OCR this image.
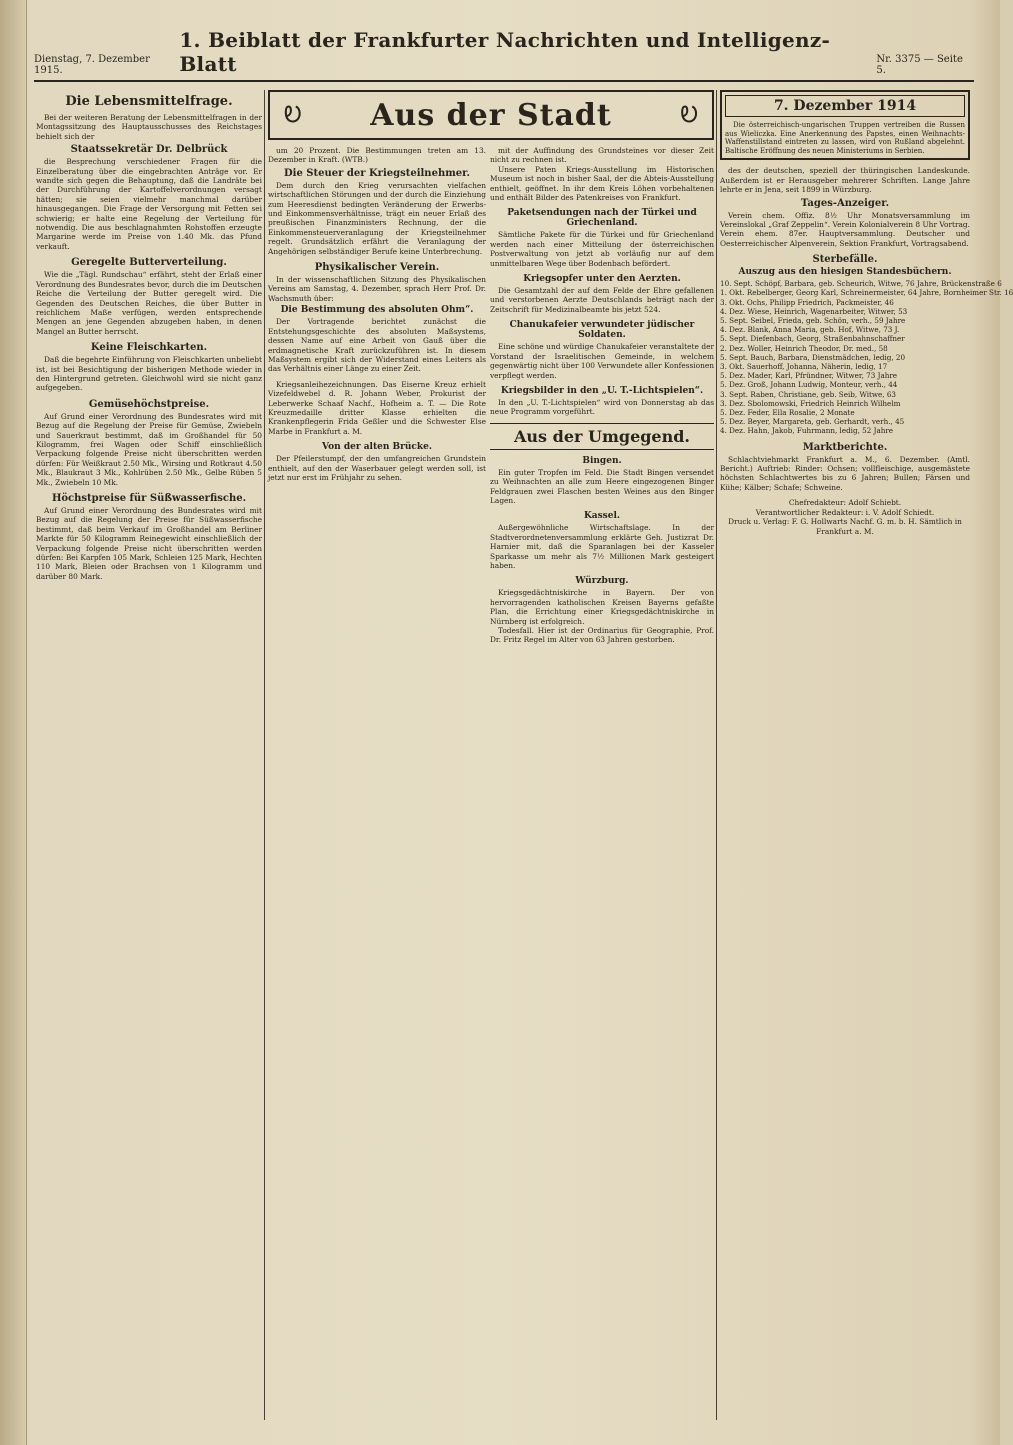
Dienstag, 7. Dezember 1915.
1. Beiblatt der Frankfurter Nachrichten und Intelligenz-Blatt	Nr. 3375 — Seite 5.
Die Lebensmittelfrage.

Bei der weiteren Beratung der Lebensmittelfragen in der Montagssitzung des Hauptausschusses des Reichstages behielt sich der

Staatssekretär Dr. Delbrück

die Besprechung verschiedener Fragen für die Einzelberatung über die eingebrachten Anträge vor. Er wandte sich gegen die Behauptung, daß die Landräte bei der Durchführung der Kartoffelverordnungen versagt hätten; sie seien vielmehr manchmal darüber hinausgegangen. Die Frage der Versorgung mit Fetten sei schwierig; er halte eine Regelung der Verteilung für notwendig. Die aus beschlagnahmten Rohstoffen erzeugte Margarine werde im Preise von 1.40 Mk. das Pfund verkauft.

Geregelte Butterverteilung.

Wie die „Tägl. Rundschau“ erfährt, steht der Erlaß einer Verordnung des Bundesrates bevor, durch die im Deutschen Reiche die Verteilung der Butter geregelt wird. Die Gegenden des Deutschen Reiches, die über Butter in reichlichem Maße verfügen, werden entsprechende Mengen an jene Gegenden abzugeben haben, in denen Mangel an Butter herrscht.

Keine Fleischkarten.

Daß die begehrte Einführung von Fleischkarten unbeliebt ist, ist bei Besichtigung der bisherigen Methode wieder in den Hintergrund getreten. Gleichwohl wird sie nicht ganz aufgegeben.

Gemüsehöchstpreise.

Auf Grund einer Verordnung des Bundesrates wird mit Bezug auf die Regelung der Preise für Gemüse, Zwiebeln und Sauerkraut bestimmt, daß im Großhandel für 50 Kilogramm, frei Wagen oder Schiff einschließlich Verpackung folgende Preise nicht überschritten werden dürfen: Für Weißkraut 2.50 Mk., Wirsing und Rotkraut 4.50 Mk., Blaukraut 3 Mk., Kohlrüben 2.50 Mk., Gelbe Rüben 5 Mk., Zwiebeln 10 Mk.

Höchstpreise für Süßwasserfische.

Auf Grund einer Verordnung des Bundesrates wird mit Bezug auf die Regelung der Preise für Süßwasserfische bestimmt, daß beim Verkauf im Großhandel am Berliner Markte für 50 Kilogramm Reinegewicht einschließlich der Verpackung folgende Preise nicht überschritten werden dürfen: Bei Karpfen 105 Mark, Schleien 125 Mark, Hechten 110 Mark, Bleien oder Brachsen von 1 Kilogramm und darüber 80 Mark.

Ꭷ Aus der Stadt	Ꭷ

um 20 Prozent. Die Bestimmungen treten am 13. Dezember in Kraft. (WTB.)

Die Steuer der Kriegsteilnehmer.

Dem durch den Krieg verursachten vielfachen wirtschaftlichen Störungen und der durch die Einziehung zum Heeresdienst bedingten Veränderung der Erwerbs- und Einkommensverhältnisse, trägt ein neuer Erlaß des preußischen Finanzministers Rechnung, der die Einkommensteuerveranlagung der Kriegsteilnehmer regelt. Grundsätzlich erfährt die Veranlagung der Angehörigen selbständiger Berufe keine Unterbrechung.

Physikalischer Verein.

In der wissenschaftlichen Sitzung des Physikalischen Vereins am Samstag, 4. Dezember, sprach Herr Prof. Dr. Wachsmuth über:

Die Bestimmung des absoluten Ohm“.

Der Vortragende berichtet zunächst die Entstehungsgeschichte des absoluten Maßsystems, dessen Name auf eine Arbeit von Gauß über die erdmagnetische Kraft zurückzuführen ist. In diesem Maßsystem ergibt sich der Widerstand eines Leiters als das Verhältnis einer Länge zu einer Zeit.

Kriegsanleihezeichnungen. Das Eiserne Kreuz erhielt Vizefeldwebel d. R. Johann Weber, Prokurist der Leberwerke Schaaf Nachf., Hofheim a. T. — Die Rote Kreuzmedaille dritter Klasse erhielten die Krankenpflegerin Frida Geßler und die Schwester Else Marbe in Frankfurt a. M.

Von der alten Brücke.

Der Pfeilerstumpf, der den umfangreichen Grundstein enthielt, auf den der Waserbauer gelegt werden soll, ist jetzt nur erst im Frühjahr zu sehen.

mit der Auffindung des Grundsteines vor dieser Zeit nicht zu rechnen ist.

Unsere Paten Kriegs-Ausstellung im Historischen Museum ist noch in bisher Saal, der die Abteis-Ausstellung enthielt, geöffnet. In ihr dem Kreis Löhen vorbehaltenen und enthält Bilder des Patenkreises von Frankfurt.

Paketsendungen nach der Türkei und Griechenland.

Sämtliche Pakete für die Türkei und für Griechenland werden nach einer Mitteilung der österreichischen Postverwaltung von jetzt ab vorläufig nur auf dem unmittelbaren Wege über Bodenbach befördert.

Kriegsopfer unter den Aerzten.

Die Gesamtzahl der auf dem Felde der Ehre gefallenen und verstorbenen Aerzte Deutschlands beträgt nach der Zeitschrift für Medizinalbeamte bis jetzt 524.

Chanukafeier verwundeter jüdischer Soldaten.

Eine schöne und würdige Chanukafeier veranstaltete der Vorstand der Israelitischen Gemeinde, in welchem gegenwärtig nicht über 100 Verwundete aller Konfessionen verpflegt werden.

Kriegsbilder in den „U. T.-Lichtspielen“.

In den „U. T.-Lichtspielen“ wird von Donnerstag ab das neue Programm vorgeführt.

Aus der Umgegend.
Bingen.

Ein guter Tropfen im Feld. Die Stadt Bingen versendet zu Weihnachten an alle zum Heere eingezogenen Binger Feldgrauen zwei Flaschen besten Weines aus den Binger Lagen.

Kassel.

Außergewöhnliche Wirtschaftslage. In der Stadtverordnetenversammlung erklärte Geh. Justizrat Dr. Harnier mit, daß die Sparanlagen bei der Kasseler Sparkasse um mehr als 7½ Millionen Mark gesteigert haben.

Würzburg.

Kriegsgedächtniskirche in Bayern. Der von hervorragenden katholischen Kreisen Bayerns gefaßte Plan, die Errichtung einer Kriegsgedächtniskirche in Nürnberg ist erfolgreich.

Todesfall. Hier ist der Ordinarius für Geographie, Prof. Dr. Fritz Regel im Alter von 63 Jahren gestorben.

7. Dezember 1914

Die österreichisch-ungarischen Truppen vertreiben die Russen aus Wieliczka. Eine Anerkennung des Papstes, einen Weihnachts-Waffenstillstand eintreten zu lassen, wird von Rußland abgelehnt. Baltische Eröffnung des neuen Ministeriums in Serbien.

des der deutschen, speziell der thüringischen Landeskunde. Außerdem ist er Herausgeber mehrerer Schriften. Lange Jahre lehrte er in Jena, seit 1899 in Würzburg.

Tages-Anzeiger.

Verein chem. Offiz. 8½ Uhr Monatsversammlung im Vereinslokal „Graf Zeppelin“. Verein Kolonialverein 8 Uhr Vortrag. Verein ehem. 87er. Hauptversammlung. Deutscher und Oesterreichischer Alpenverein, Sektion Frankfurt, Vortragsabend.

Sterbefälle.
Auszug aus den hiesigen Standesbüchern.
10. Sept. Schöpf, Barbara, geb. Scheurich, Witwe, 76 Jahre, Brückenstraße 6
1. Okt. Rebelberger, Georg Karl, Schreinermeister, 64 Jahre, Bornheimer Str. 16
3. Okt. Ochs, Philipp Friedrich, Packmeister, 46
4. Dez. Wiese, Heinrich, Wagenarbeiter, Witwer, 53
5. Sept. Seibel, Frieda, geb. Schön, verh., 59 Jahre
4. Dez. Blank, Anna Maria, geb. Hof, Witwe, 73 J.
5. Sept. Diefenbach, Georg, Straßenbahnschaffner
2. Dez. Woller, Heinrich Theodor, Dr. med., 58
5. Sept. Bauch, Barbara, Dienstmädchen, ledig, 20
3. Okt. Sauerhoff, Johanna, Näherin, ledig, 17
5. Dez. Mader, Karl, Pfründner, Witwer, 73 Jahre
5. Dez. Groß, Johann Ludwig, Monteur, verh., 44
3. Sept. Raben, Christiane, geb. Seib, Witwe, 63
3. Dez. Sbolomowski, Friedrich Heinrich Wilhelm
5. Dez. Feder, Ella Rosalie, 2 Monate
5. Dez. Beyer, Margareta, geb. Gerhardt, verh., 45
4. Dez. Hahn, Jakob, Fuhrmann, ledig, 52 Jahre
Marktberichte.

Schlachtviehmarkt Frankfurt a. M., 6. Dezember. (Amtl. Bericht.) Auftrieb: Rinder: Ochsen; vollfleischige, ausgemästete höchsten Schlachtwertes bis zu 6 Jahren; Bullen; Färsen und Kühe; Kälber; Schafe; Schweine.

Chefredakteur: Adolf Schiebt.
Verantwortlicher Redakteur: i. V. Adolf Schiedt.
Druck u. Verlag: F. G. Hollwarts Nachf. G. m. b. H. Sämtlich in Frankfurt a. M.
